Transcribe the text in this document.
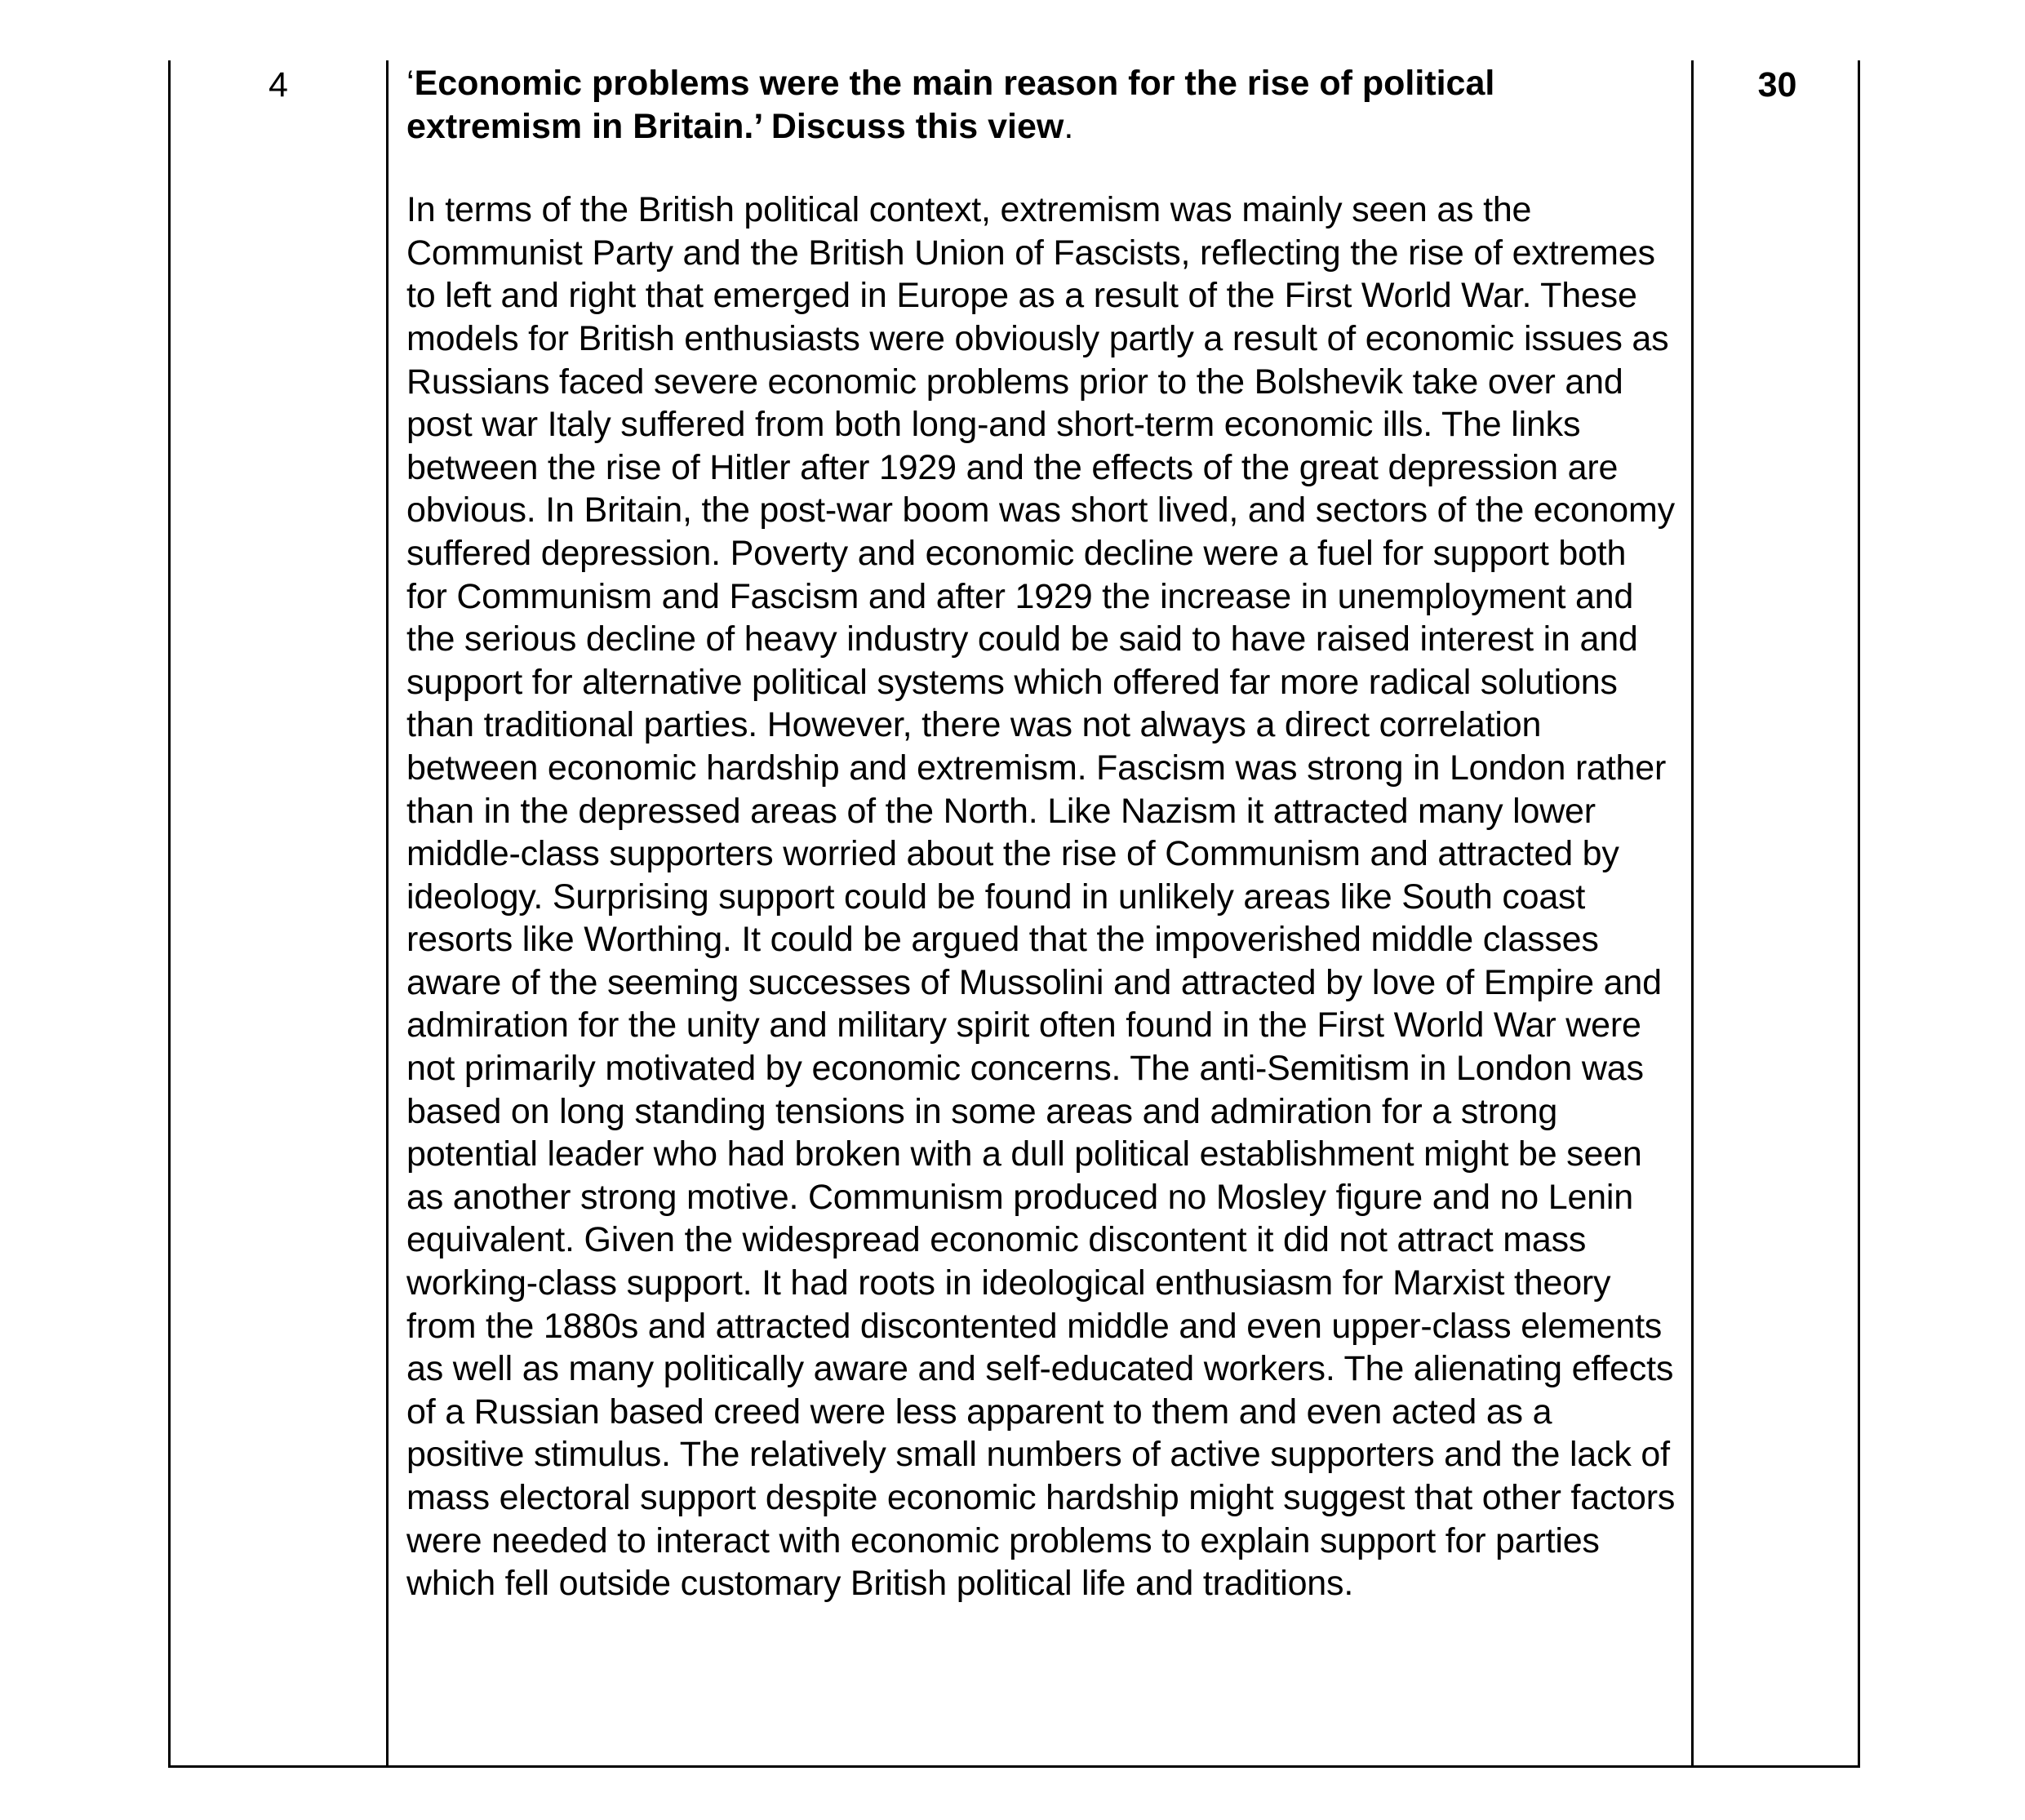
4	‘Economic problems were the main reason for the rise of political extremism in Britain.’ Discuss this view.

In terms of the British political context, extremism was mainly seen as the Communist Party and the British Union of Fascists, reflecting the rise of extremes to left and right that emerged in Europe as a result of the First World War. These models for British enthusiasts were obviously partly a result of economic issues as Russians faced severe economic problems prior to the Bolshevik take over and post war Italy suffered from both long-and short-term economic ills. The links between the rise of Hitler after 1929 and the effects of the great depression are obvious. In Britain, the post-war boom was short lived, and sectors of the economy suffered depression. Poverty and economic decline were a fuel for support both for Communism and Fascism and after 1929 the increase in unemployment and the serious decline of heavy industry could be said to have raised interest in and support for alternative political systems which offered far more radical solutions than traditional parties. However, there was not always a direct correlation between economic hardship and extremism. Fascism was strong in London rather than in the depressed areas of the North. Like Nazism it attracted many lower middle-class supporters worried about the rise of Communism and attracted by ideology. Surprising support could be found in unlikely areas like South coast resorts like Worthing. It could be argued that the impoverished middle classes aware of the seeming successes of Mussolini and attracted by love of Empire and admiration for the unity and military spirit often found in the First World War were not primarily motivated by economic concerns. The anti-Semitism in London was based on long standing tensions in some areas and admiration for a strong potential leader who had broken with a dull political establishment might be seen as another strong motive. Communism produced no Mosley figure and no Lenin equivalent. Given the widespread economic discontent it did not attract mass working-class support. It had roots in ideological enthusiasm for Marxist theory from the 1880s and attracted discontented middle and even upper-class elements as well as many politically aware and self-educated workers. The alienating effects of a Russian based creed were less apparent to them and even acted as a positive stimulus. The relatively small numbers of active supporters and the lack of mass electoral support despite economic hardship might suggest that other factors were needed to interact with economic problems to explain support for parties which fell outside customary British political life and traditions.

30
